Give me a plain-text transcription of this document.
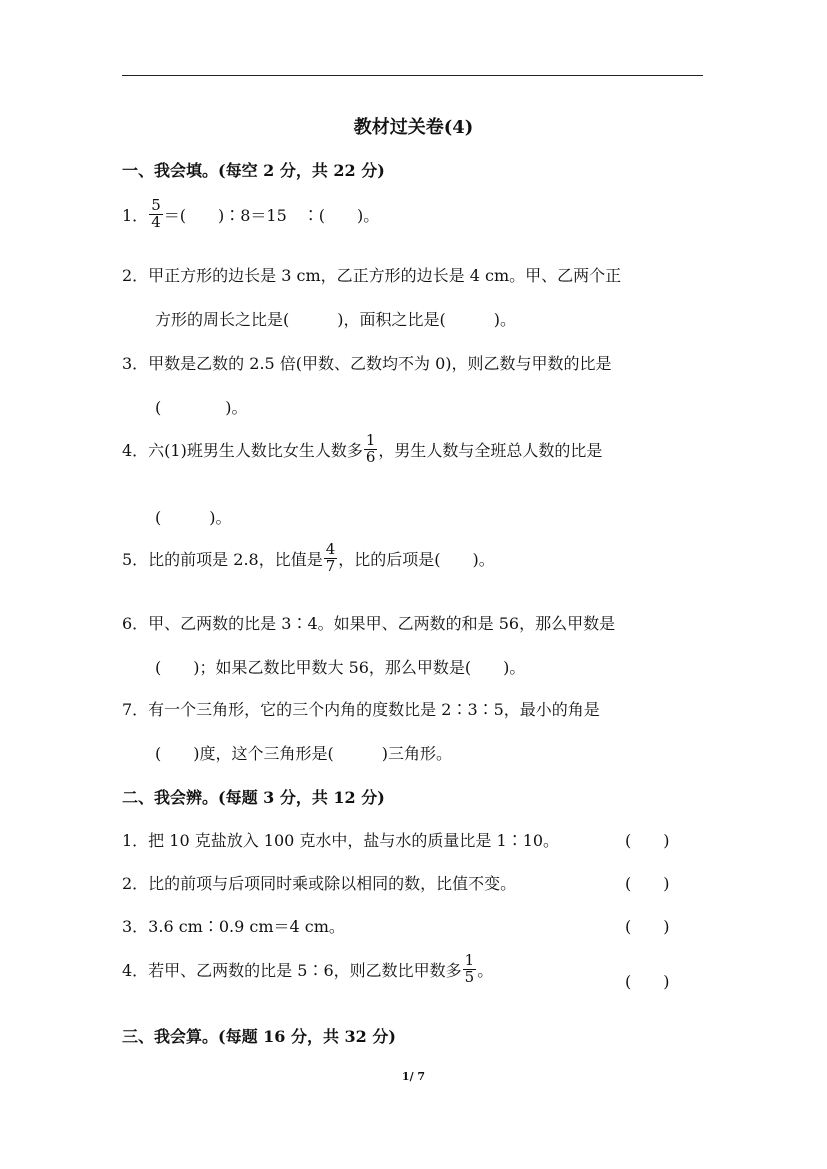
教材过关卷(4)
一、我会填。(每空 2 分，共 22 分)
1． $\frac{5}{4}$ ＝(　　)∶8＝15　∶(　　)。
2．甲正方形的边长是 3 cm，乙正方形的边长是 4 cm。甲、乙两个正
方形的周长之比是(　　　)，面积之比是(　　　)。
3．甲数是乙数的 2.5 倍(甲数、乙数均不为 0)，则乙数与甲数的比是
(　　　　)。
4．六(1)班男生人数比女生人数多 $\frac{1}{6}$ ，男生人数与全班总人数的比是
(　　　)。
5．比的前项是 2.8，比值是 $\frac{4}{7}$ ，比的后项是(　　)。
6．甲、乙两数的比是 3∶4。如果甲、乙两数的和是 56，那么甲数是
(　　)；如果乙数比甲数大 56，那么甲数是(　　)。
7．有一个三角形，它的三个内角的度数比是 2∶3∶5，最小的角是
(　　)度，这个三角形是(　　　)三角形。
二、我会辨。(每题 3 分，共 12 分)
1．把 10 克盐放入 100 克水中，盐与水的质量比是 1∶10。	(　　)
2．比的前项与后项同时乘或除以相同的数，比值不变。	(　　)
3．3.6 cm∶0.9 cm＝4 cm。	(　　)
4．若甲、乙两数的比是 5∶6，则乙数比甲数多 $\frac{1}{5}$ 。
(　　)
三、我会算。(每题 16 分，共 32 分)
1/ 7
